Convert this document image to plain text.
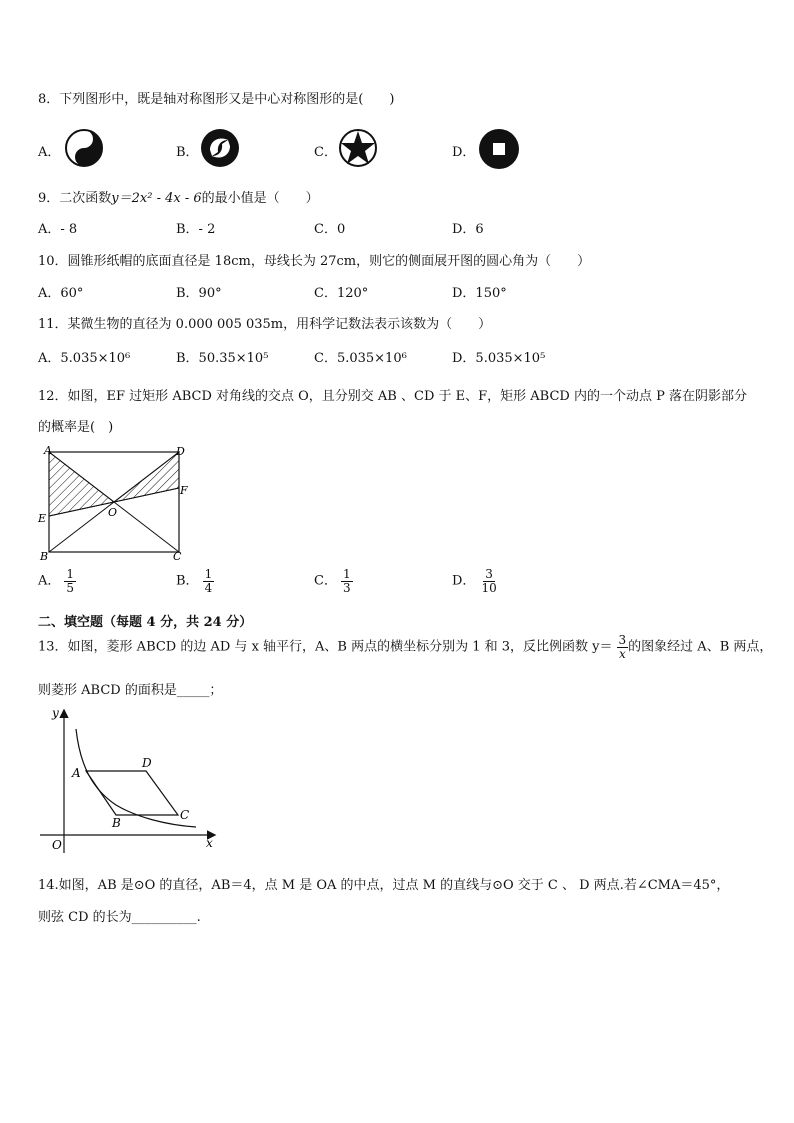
8．下列图形中，既是轴对称图形又是中心对称图形的是(　　)
A．	B．	C．	D．
9．二次函数y＝2x² - 4x - 6的最小值是（　　）
A．- 8	B．- 2	C．0	D．6
10．圆锥形纸帽的底面直径是 18cm，母线长为 27cm，则它的侧面展开图的圆心角为（　　）
A．60°	B．90°	C．120°	D．150°
11．某微生物的直径为 0.000 005 035m，用科学记数法表示该数为（　　）
A．5.035×10⁶	B．50.35×10⁵	C．5.035×10⁶	D．5.035×10⁵
12．如图，EF 过矩形 ABCD 对角线的交点 O，且分别交 AB 、CD 于 E、F，矩形 ABCD 内的一个动点 P 落在阴影部分
的概率是(　)
A	D
F
E	O
B	C
A． $\frac{1}{5}$	B． $\frac{1}{4}$	C． $\frac{1}{3}$	D． $\frac{3}{10}$
二、填空题（每题 4 分，共 24 分）
13．如图，菱形 ABCD 的边 AD 与 x 轴平行，A、B 两点的横坐标分别为 1 和 3，反比例函数 $y= \frac{3}{x}$ 的图象经过 A、B 两点，
则菱形 ABCD 的面积是_____；
y
x
O
A
D
C
B
14.如图，AB 是⊙O 的直径，AB＝4，点 M 是 OA 的中点，过点 M 的直线与⊙O 交于 C 、 D 两点.若∠CMA＝45°，
则弦 CD 的长为__________.
